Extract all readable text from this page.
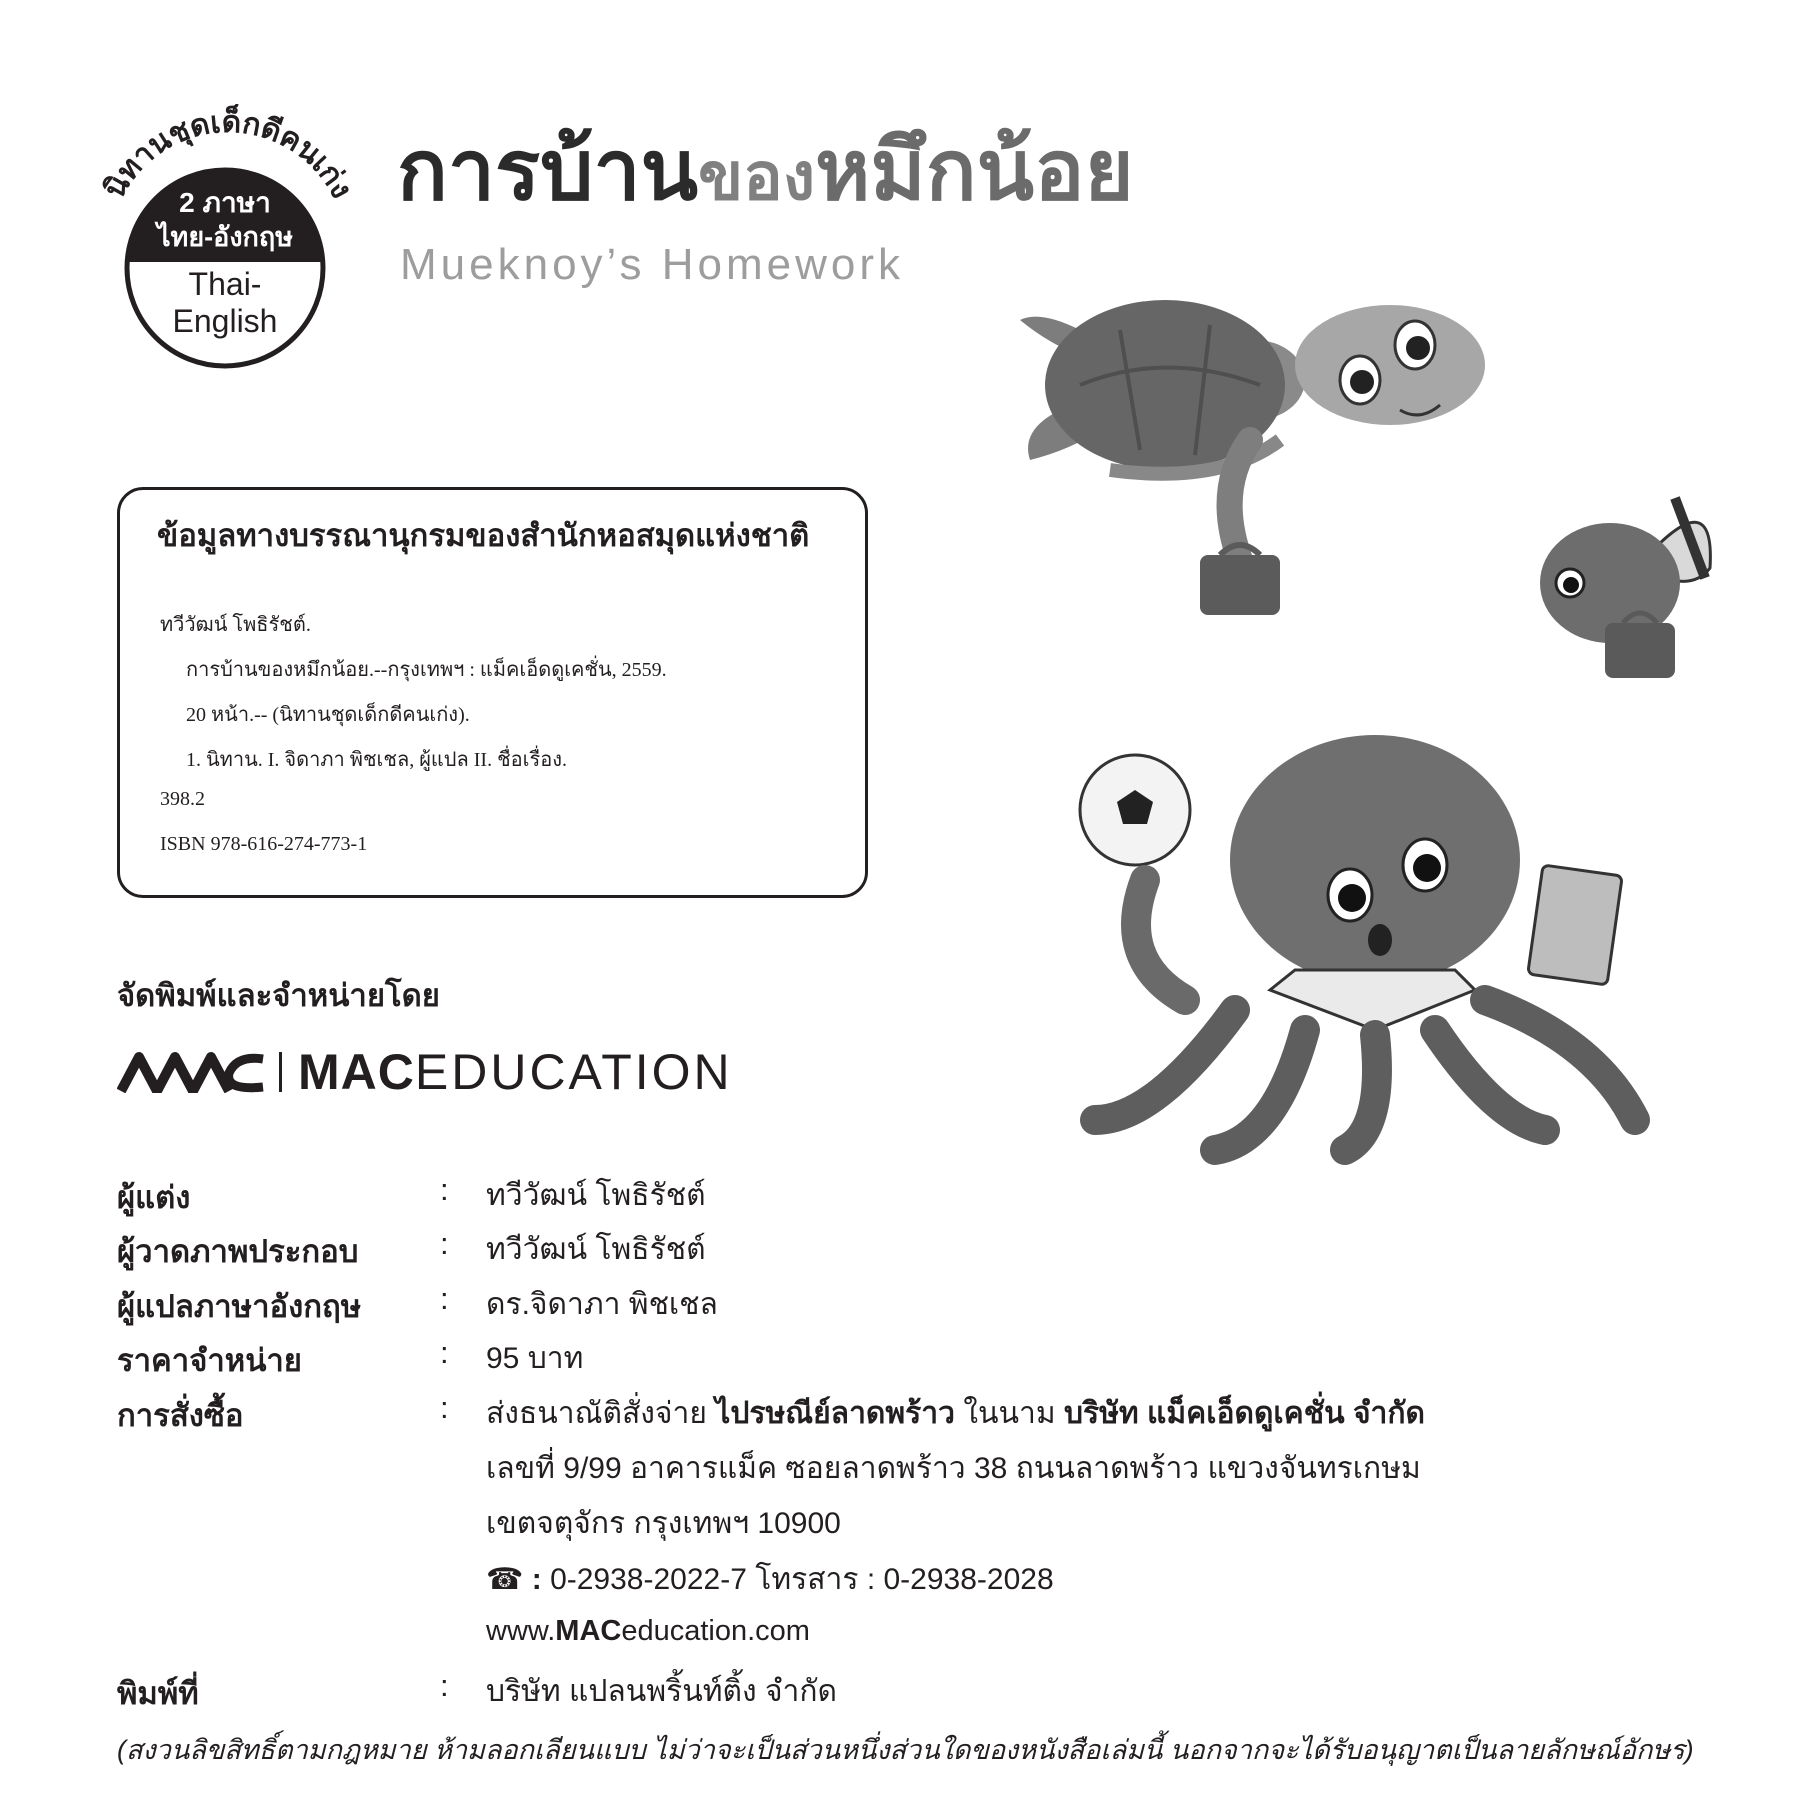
นิทานชุดเด็กดีคนเก่ง
2 ภาษา
ไทย-อังกฤษ
Thai-
English
การบ้านของหมึกน้อย
Mueknoy’s Homework
ข้อมูลทางบรรณานุกรมของสำนักหอสมุดแห่งชาติ
ทวีวัฒน์ โพธิรัชต์.
การบ้านของหมึกน้อย.--กรุงเทพฯ : แม็คเอ็ดดูเคชั่น, 2559.
20 หน้า.-- (นิทานชุดเด็กดีคนเก่ง).
1. นิทาน. I. จิดาภา พิชเชล, ผู้แปล II. ชื่อเรื่อง.
398.2
ISBN 978-616-274-773-1
จัดพิมพ์และจำหน่ายโดย
MAC EDUCATION
ผู้แต่ง	: ทวีวัฒน์ โพธิรัชต์
ผู้วาดภาพประกอบ	: ทวีวัฒน์ โพธิรัชต์
ผู้แปลภาษาอังกฤษ	: ดร.จิดาภา พิชเชล
ราคาจำหน่าย	: 95 บาท
การสั่งซื้อ	: ส่งธนาณัติสั่งจ่าย ไปรษณีย์ลาดพร้าว ในนาม บริษัท แม็คเอ็ดดูเคชั่น จำกัด
เลขที่ 9/99 อาคารแม็ค ซอยลาดพร้าว 38 ถนนลาดพร้าว แขวงจันทรเกษม
เขตจตุจักร กรุงเทพฯ 10900
☎ : 0-2938-2022-7 โทรสาร : 0-2938-2028
www.MACeducation.com
พิมพ์ที่	: บริษัท แปลนพริ้นท์ติ้ง จำกัด
(สงวนลิขสิทธิ์ตามกฎหมาย ห้ามลอกเลียนแบบ ไม่ว่าจะเป็นส่วนหนึ่งส่วนใดของหนังสือเล่มนี้ นอกจากจะได้รับอนุญาตเป็นลายลักษณ์อักษร)
